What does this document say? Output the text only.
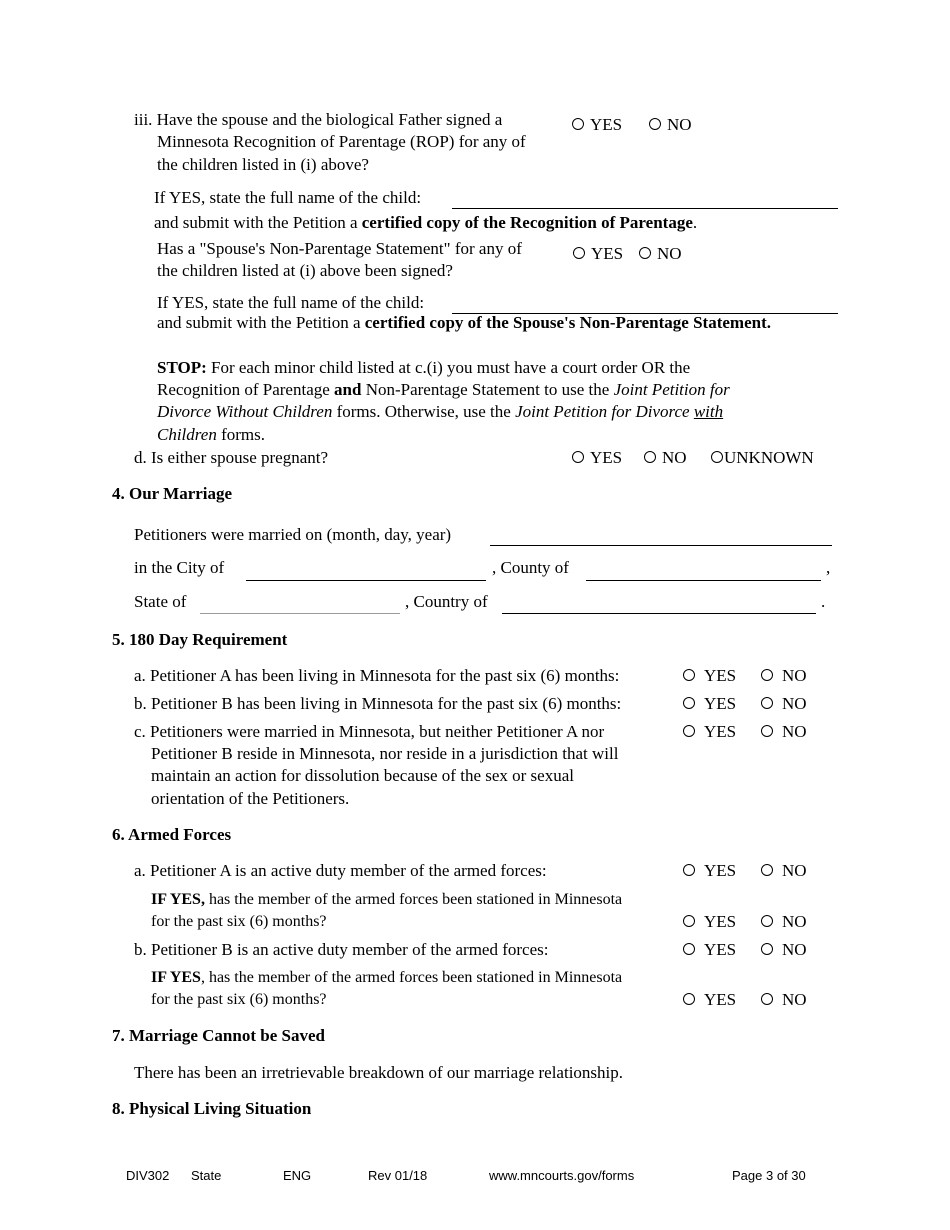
iii. Have the spouse and the biological Father signed a
Minnesota Recognition of Parentage (ROP) for any of
the children listed in (i) above?
YES	NO
If YES, state the full name of the child:
and submit with the Petition a certified copy of the Recognition of Parentage.
Has a "Spouse's Non-Parentage Statement" for any of
the children listed at (i) above been signed?
YES	NO
If YES, state the full name of the child:
and submit with the Petition a certified copy of the Spouse's Non-Parentage Statement.
STOP: For each minor child listed at c.(i) you must have a court order OR the
Recognition of Parentage and Non-Parentage Statement to use the Joint Petition for
Divorce Without Children forms. Otherwise, use the Joint Petition for Divorce with
Children forms.
d. Is either spouse pregnant?	YES	NO	UNKNOWN
4. Our Marriage
Petitioners were married on (month, day, year)
in the City of	, County of	,
State of	, Country of	.
5. 180 Day Requirement
a. Petitioner A has been living in Minnesota for the past six (6) months:	YES	NO
b. Petitioner B has been living in Minnesota for the past six (6) months:	YES	NO
c. Petitioners were married in Minnesota, but neither Petitioner A nor
Petitioner B reside in Minnesota, nor reside in a jurisdiction that will
maintain an action for dissolution because of the sex or sexual
orientation of the Petitioners.
YES	NO
6. Armed Forces
a. Petitioner A is an active duty member of the armed forces:	YES	NO
IF YES, has the member of the armed forces been stationed in Minnesota
for the past six (6) months?	YES	NO
b. Petitioner B is an active duty member of the armed forces:	YES	NO
IF YES, has the member of the armed forces been stationed in Minnesota
for the past six (6) months?	YES	NO
7. Marriage Cannot be Saved
There has been an irretrievable breakdown of our marriage relationship.
8. Physical Living Situation
DIV302 State	ENG	Rev 01/18	www.mncourts.gov/forms	Page 3 of 30
